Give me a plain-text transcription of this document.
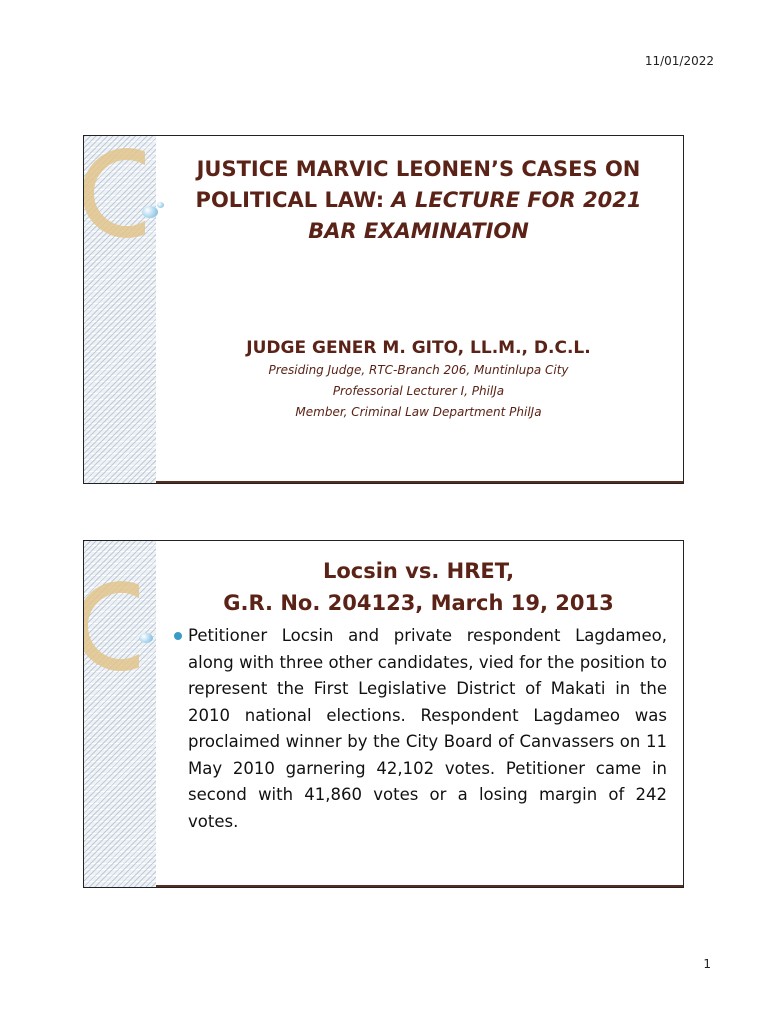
11/01/2022
JUSTICE MARVIC LEONEN’S CASES ON
POLITICAL LAW: A LECTURE FOR 2021
BAR EXAMINATION
JUDGE GENER M. GITO, LL.M., D.C.L.
Presiding Judge, RTC-Branch 206, Muntinlupa City
Professorial Lecturer I, PhilJa
Member, Criminal Law Department PhilJa
Locsin vs. HRET,
G.R. No. 204123, March 19, 2013
Petitioner Locsin and private respondent Lagdameo, along with three other candidates, vied for the position to represent the First Legislative District of Makati in the 2010 national elections. Respondent Lagdameo was proclaimed winner by the City Board of Canvassers on 11 May 2010 garnering 42,102 votes. Petitioner came in second with 41,860 votes or a losing margin of 242 votes.
1
